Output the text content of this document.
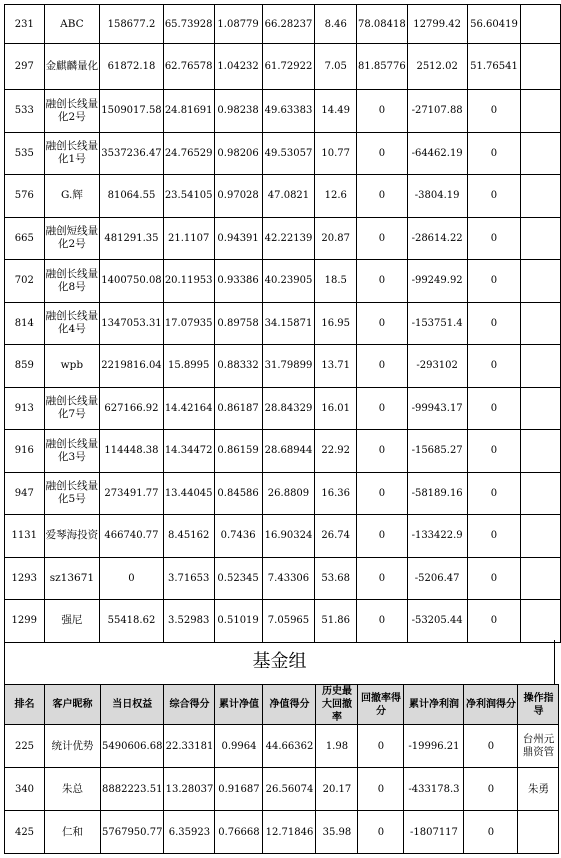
231	ABC	158677.2	65.73928	1.08779	66.28237	8.46	78.08418	12799.42	56.60419	
297	金麒麟量化	61872.18	62.76578	1.04232	61.72922	7.05	81.85776	2512.02	51.76541	
533	融创长线量化2号	1509017.58	24.81691	0.98238	49.63383	14.49	0	-27107.88	0	
535	融创长线量化1号	3537236.47	24.76529	0.98206	49.53057	10.77	0	-64462.19	0	
576	G.辉	81064.55	23.54105	0.97028	47.0821	12.6	0	-3804.19	0	
665	融创短线量化2号	481291.35	21.1107	0.94391	42.22139	20.87	0	-28614.22	0	
702	融创长线量化8号	1400750.08	20.11953	0.93386	40.23905	18.5	0	-99249.92	0	
814	融创长线量化4号	1347053.31	17.07935	0.89758	34.15871	16.95	0	-153751.4	0	
859	wpb	2219816.04	15.8995	0.88332	31.79899	13.71	0	-293102	0	
913	融创长线量化7号	627166.92	14.42164	0.86187	28.84329	16.01	0	-99943.17	0	
916	融创长线量化3号	114448.38	14.34472	0.86159	28.68944	22.92	0	-15685.27	0	
947	融创长线量化5号	273491.77	13.44045	0.84586	26.8809	16.36	0	-58189.16	0	
1131	爱琴海投资	466740.77	8.45162	0.7436	16.90324	26.74	0	-133422.9	0	
1293	sz13671	0	3.71653	0.52345	7.43306	53.68	0	-5206.47	0	
1299	强尼	55418.62	3.52983	0.51019	7.05965	51.86	0	-53205.44	0	
基金组
排名	客户昵称	当日权益	综合得分	累计净值	净值得分	历史最大回撤率	回撤率得分	累计净利润	净利润得分	操作指导
225	统计优势	5490606.68	22.33181	0.9964	44.66362	1.98	0	-19996.21	0	台州元鼎资管
340	朱总	8882223.51	13.28037	0.91687	26.56074	20.17	0	-433178.3	0	朱勇
425	仁和	5767950.77	6.35923	0.76668	12.71846	35.98	0	-1807117	0	
